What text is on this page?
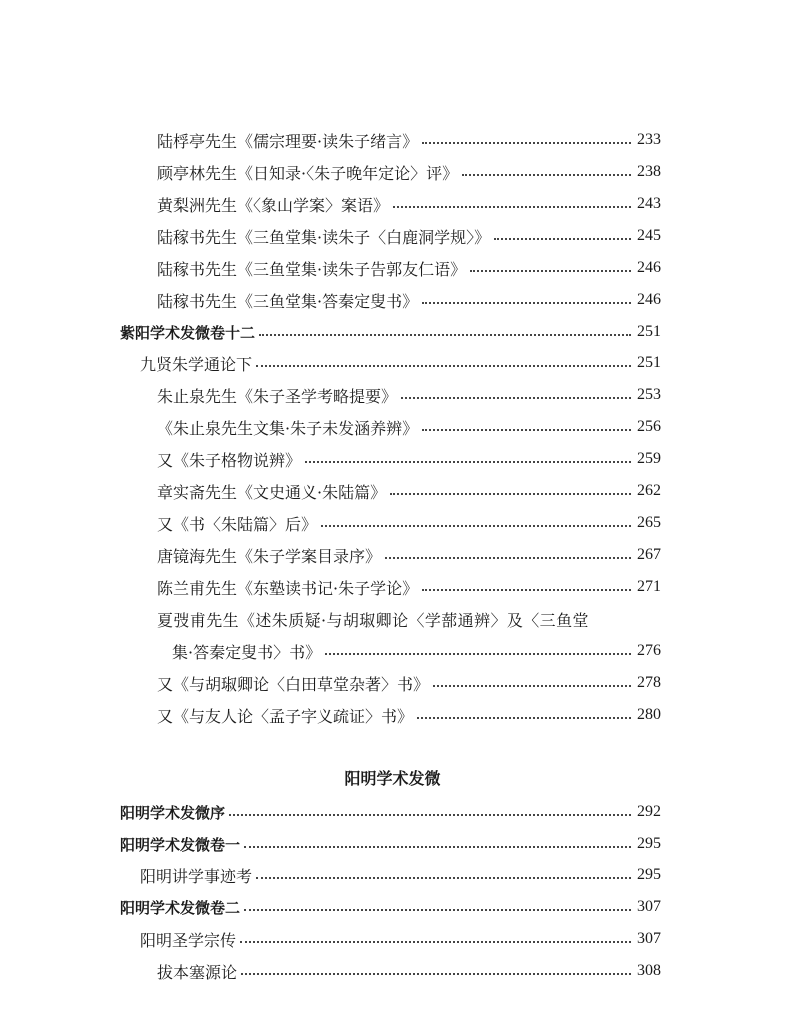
陆桴亭先生《儒宗理要·读朱子绪言》	233
顾亭林先生《日知录·〈朱子晚年定论〉评》	238
黄梨洲先生《〈象山学案〉案语》	243
陆稼书先生《三鱼堂集·读朱子〈白鹿洞学规〉》	245
陆稼书先生《三鱼堂集·读朱子告郭友仁语》	246
陆稼书先生《三鱼堂集·答秦定叟书》	246
紫阳学术发微卷十二	251
九贤朱学通论下	251
朱止泉先生《朱子圣学考略提要》	253
《朱止泉先生文集·朱子未发涵养辨》	256
又《朱子格物说辨》	259
章实斋先生《文史通义·朱陆篇》	262
又《书〈朱陆篇〉后》	265
唐镜海先生《朱子学案目录序》	267
陈兰甫先生《东塾读书记·朱子学论》	271
夏弢甫先生《述朱质疑·与胡琡卿论〈学蔀通辨〉及〈三鱼堂
集·答秦定叟书〉书》	276
又《与胡琡卿论〈白田草堂杂著〉书》	278
又《与友人论〈孟子字义疏证〉书》	280
阳明学术发微
阳明学术发微序	292
阳明学术发微卷一	295
阳明讲学事迹考	295
阳明学术发微卷二	307
阳明圣学宗传	307
拔本塞源论	308
